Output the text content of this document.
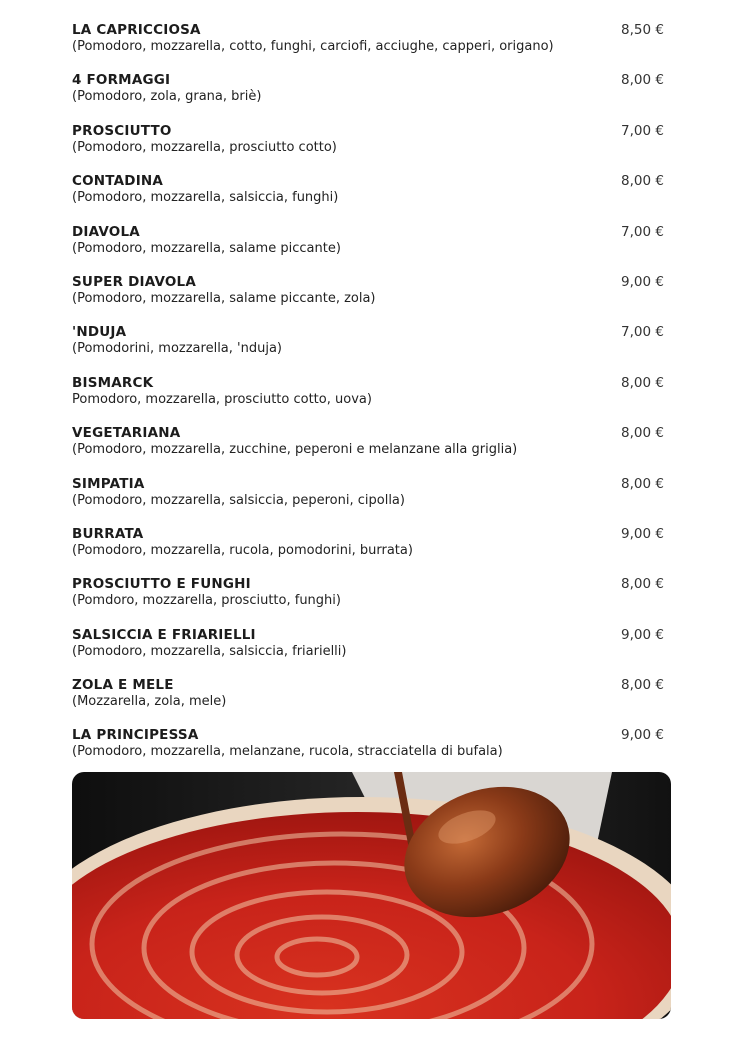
LA CAPRICCIOSA
(Pomodoro, mozzarella, cotto, funghi, carciofi, acciughe, capperi, origano)
8,50 €
4 FORMAGGI
(Pomodoro, zola, grana, briè)
8,00 €
PROSCIUTTO
(Pomodoro, mozzarella, prosciutto cotto)
7,00 €
CONTADINA
(Pomodoro, mozzarella, salsiccia, funghi)
8,00 €
DIAVOLA
(Pomodoro, mozzarella, salame piccante)
7,00 €
SUPER DIAVOLA
(Pomodoro, mozzarella, salame piccante, zola)
9,00 €
'NDUJA
(Pomodorini, mozzarella, 'nduja)
7,00 €
BISMARCK
Pomodoro, mozzarella, prosciutto cotto, uova)
8,00 €
VEGETARIANA
(Pomodoro, mozzarella, zucchine, peperoni e melanzane alla griglia)
8,00 €
SIMPATIA
(Pomodoro, mozzarella, salsiccia, peperoni, cipolla)
8,00 €
BURRATA
(Pomodoro, mozzarella, rucola, pomodorini, burrata)
9,00 €
PROSCIUTTO E FUNGHI
(Pomdoro, mozzarella, prosciutto, funghi)
8,00 €
SALSICCIA E FRIARIELLI
(Pomodoro, mozzarella, salsiccia, friarielli)
9,00 €
ZOLA E MELE
(Mozzarella, zola, mele)
8,00 €
LA PRINCIPESSA
(Pomodoro, mozzarella, melanzane, rucola, stracciatella di bufala)
9,00 €
